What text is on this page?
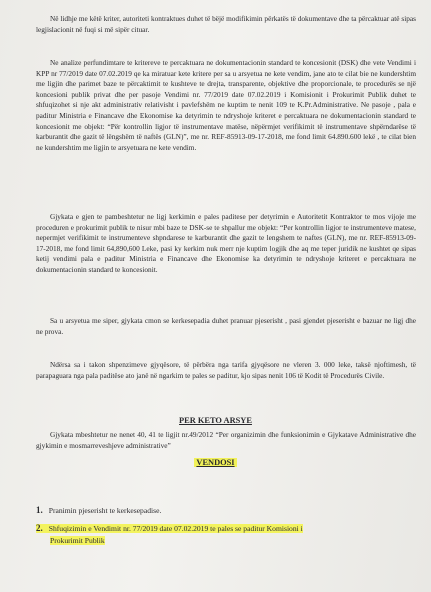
Në lidhje me këtë kriter, autoriteti kontraktues duhet të bëjë modifikimin përkatës të dokumentave dhe ta përcaktuar atë sipas legjislacionit në fuqi si më sipër cituar.

Ne analize perfundimtare te kritereve te percaktuara ne dokumentacionin standard te koncesionit (DSK) dhe vete Vendimi i KPP nr 77/2019 date 07.02.2019 qe ka miratuar kete kritere per sa u arsyetua ne kete vendim, jane ato te cilat bie ne kundershtim me ligjin dhe parimet baze te përcaktimit te kushteve te drejta, transparente, objektive dhe proporcionale, te procedurës se një koncesioni publik privat dhe per pasoje Vendimi nr. 77/2019 date 07.02.2019 i Komisionit i Prokurimit Publik duhet te shfuqizohet si nje akt administrativ relativisht i pavlefshëm ne kuptim te nenit 109 te K.Pr.Administrative. Ne pasoje , pala e paditur Ministria e Financave dhe Ekonomise ka detyrimin te ndryshoje kriteret e percaktuara ne dokumentacionin standard te koncesionit me objekt: “Për kontrollin ligjor të instrumentave matëse, nëpërmjet verifikimit të instrumentave shpërndarëse të karburantit dhe gazit të lëngshëm të naftës (GLN)”, me nr. REF-85913-09-17-2018, me fond limit 64.890.600 lekë , te cilat bien ne kundershtim me ligjin te arsyetuara ne kete vendim.

Gjykata e gjen te pambeshtetur ne ligj kerkimin e pales paditese per detyrimin e Autoritetit Kontraktor te mos vijoje me proceduren e prokurimit publik te nisur mbi baze te DSK-se te shpallur me objekt: “Per kontrollin ligjor te instrumenteve matese, nepermjet verifikimit te instrumenteve shpndarese te karburantit dhe gazit te lengshem te naftes (GLN), me nr. REF-85913-09-17-2018, me fond limit 64,890,600 Leke, pasi ky kerkim nuk merr nje kuptim logjik dhe aq me teper juridik ne kushtet qe sipas ketij vendimi pala e paditur Ministria e Financave dhe Ekonomise ka detyrimin te ndryshoje kriteret e percaktuara ne dokumentacionin standard te koncesionit.

Sa u arsyetua me siper, gjykata cmon se kerkesepadia duhet pranuar pjeserisht , pasi gjendet pjeserisht e bazuar ne ligj dhe ne prova.

Ndërsa sa i takon shpenzimeve gjyqësore, të përbëra nga tarifa gjyqësore ne vleren 3. 000 leke, taksë njoftimesh, të parapaguara nga pala paditëse ato janë në ngarkim te pales se paditur, kjo sipas nenit 106 të Kodit të Procedurës Civile.

PER KETO ARSYE

Gjykata mbeshtetur ne nenet 40, 41 te ligjit nr.49/2012 “Per organizimin dhe funksionimin e Gjykatave Administrative dhe gjykimin e mosmarreveshjeve administrative”

VENDOSI
1. Pranimin pjeserisht te kerkesepadise.
2. Shfuqizimin e Vendimit nr. 77/2019 date 07.02.2019 te pales se paditur Komisioni i
Prokurimit Publik
